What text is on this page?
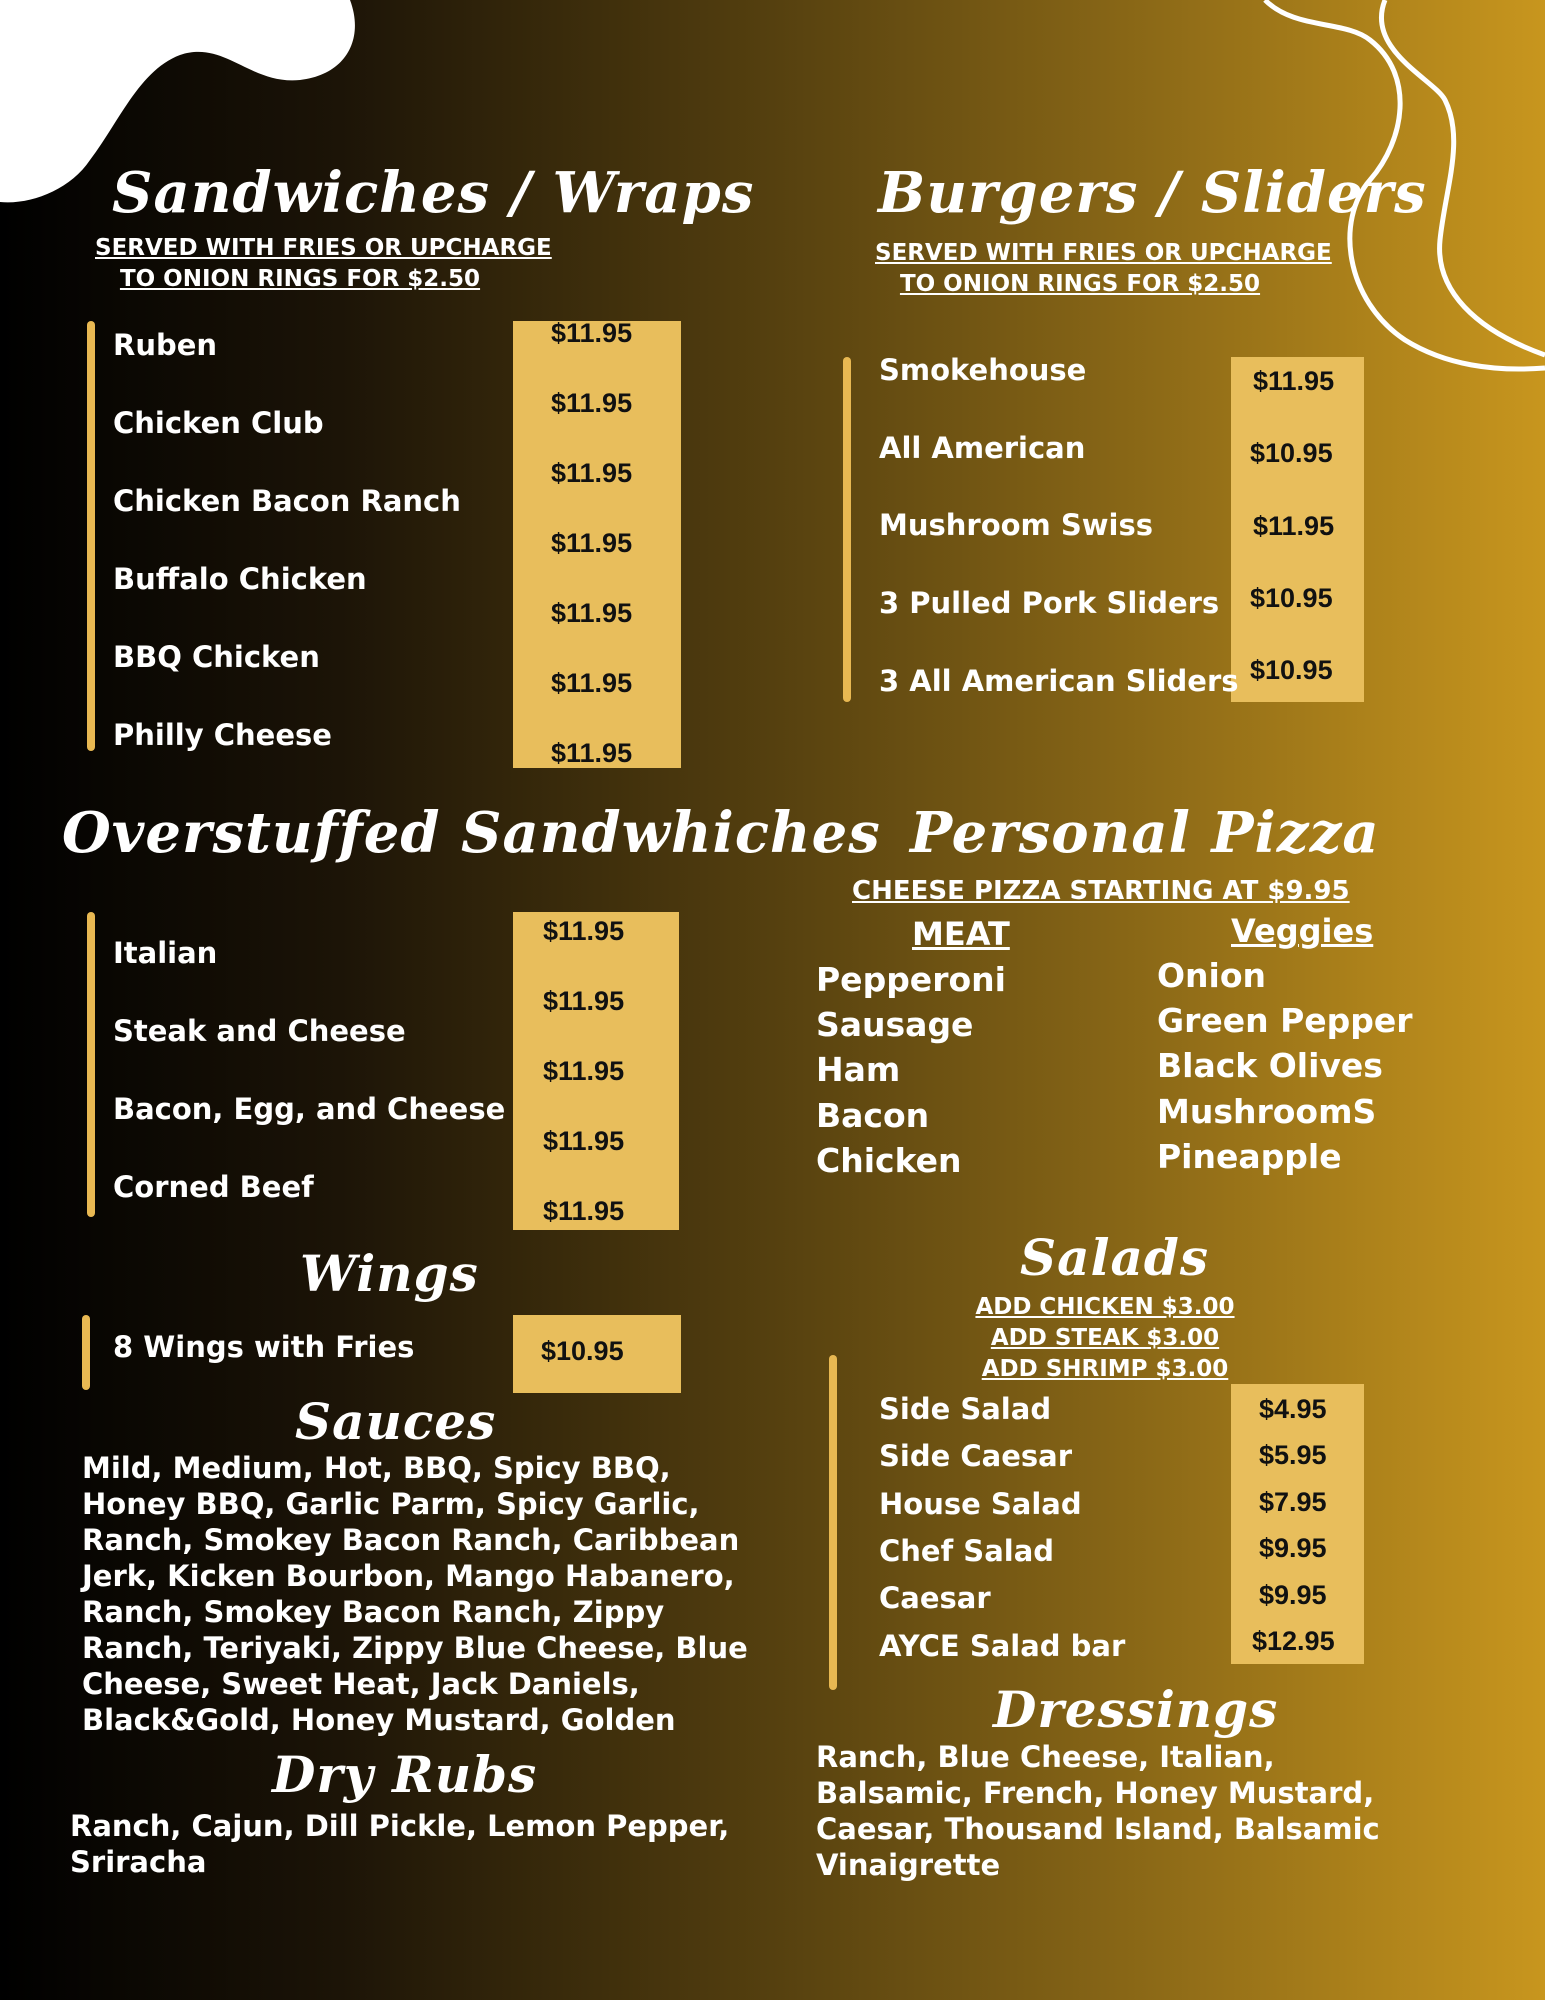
Sandwiches / Wraps
SERVED WITH FRIES OR UPCHARGE
TO ONION RINGS FOR $2.50
Ruben
Chicken Club
Chicken Bacon Ranch
Buffalo Chicken
BBQ Chicken
Philly Cheese
$11.95
$11.95
$11.95
$11.95
$11.95
$11.95
$11.95
Burgers / Sliders
SERVED WITH FRIES OR UPCHARGE
TO ONION RINGS FOR $2.50
Smokehouse
All American
Mushroom Swiss
3 Pulled Pork Sliders
3 All American Sliders
$11.95
$10.95
$11.95
$10.95
$10.95
Overstuffed Sandwhiches
Italian
Steak and Cheese
Bacon, Egg, and Cheese
Corned Beef
$11.95
$11.95
$11.95
$11.95
$11.95
Personal Pizza
CHEESE PIZZA STARTING AT $9.95
MEAT	Veggies
Pepperoni
Sausage
Ham
Bacon
Chicken
Onion
Green Pepper
Black Olives
MushroomS
Pineapple
Wings
8 Wings with Fries	$10.95
Sauces
Mild, Medium, Hot, BBQ, Spicy BBQ,
Honey BBQ, Garlic Parm, Spicy Garlic,
Ranch, Smokey Bacon Ranch, Caribbean
Jerk, Kicken Bourbon, Mango Habanero,
Ranch, Smokey Bacon Ranch, Zippy
Ranch, Teriyaki, Zippy Blue Cheese, Blue
Cheese, Sweet Heat, Jack Daniels,
Black&Gold, Honey Mustard, Golden
Dry Rubs
Ranch, Cajun, Dill Pickle, Lemon Pepper,
Sriracha
Salads
ADD CHICKEN $3.00
ADD STEAK $3.00
ADD SHRIMP $3.00
Side Salad
Side Caesar
House Salad
Chef Salad
Caesar
AYCE Salad bar
$4.95
$5.95
$7.95
$9.95
$9.95
$12.95
Dressings
Ranch, Blue Cheese, Italian,
Balsamic, French, Honey Mustard,
Caesar, Thousand Island, Balsamic
Vinaigrette
